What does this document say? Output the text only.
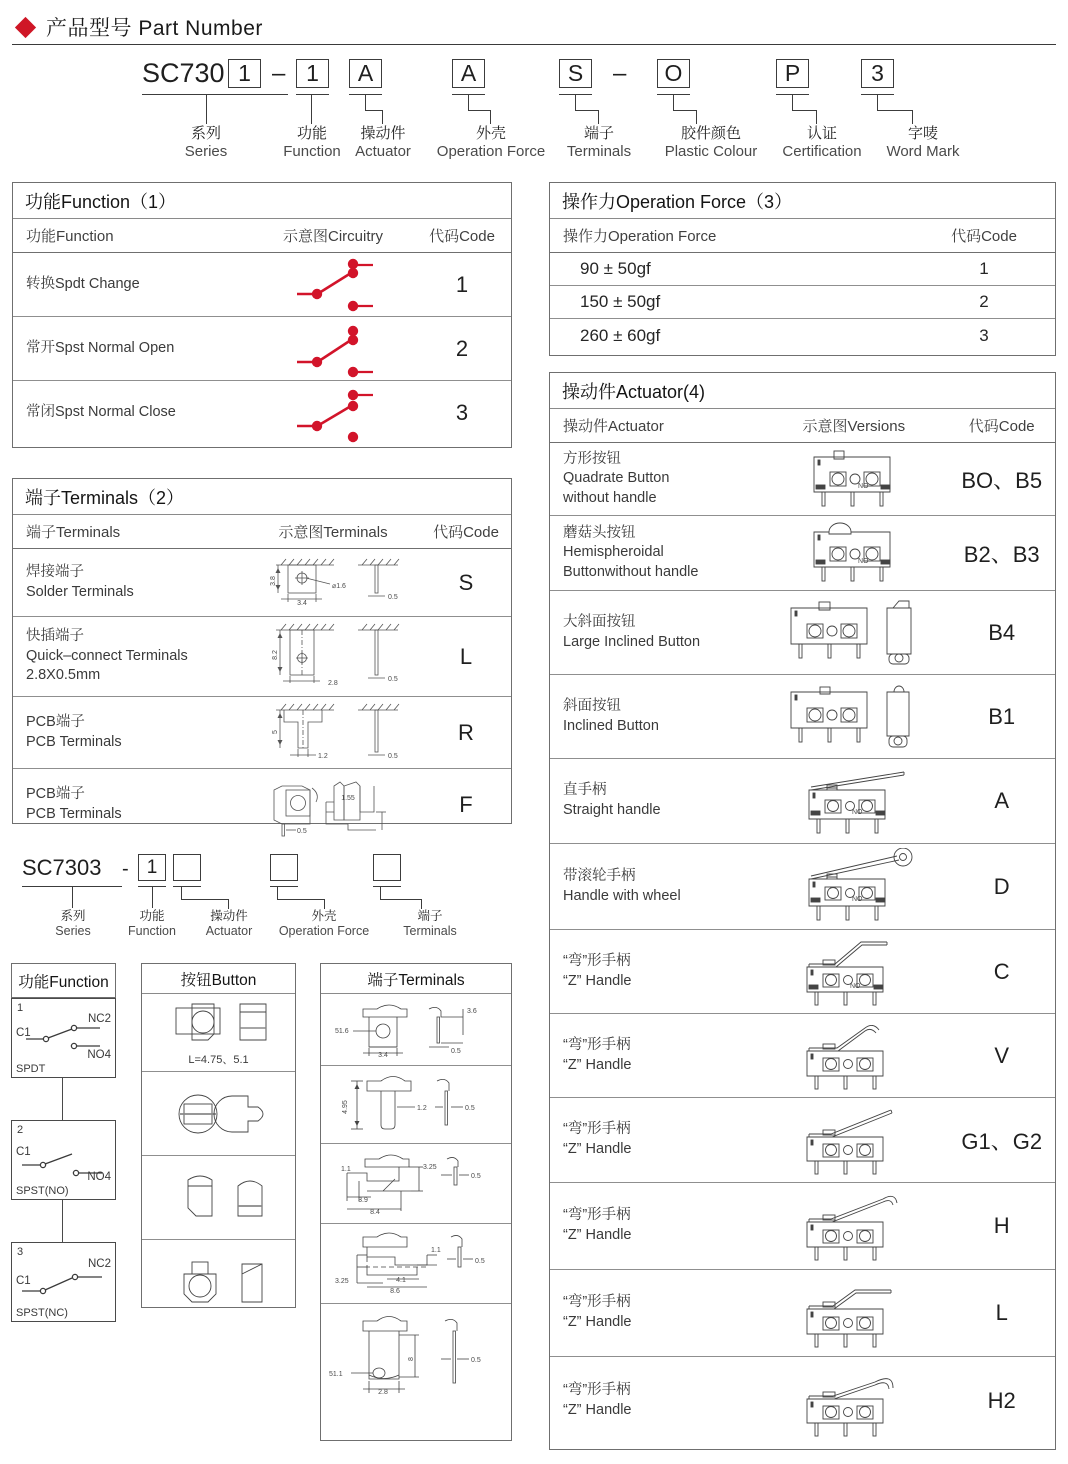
产品型号 Part Number
SC730 1 – 1	A	A	S	–	O	P	3
系列
Series
功能
Function
操动件
Actuator
外壳
Operation Force
端子
Terminals
胶件颜色
Plastic Colour
认证
Certification
字唛
Word Mark
功能Function（1）
功能Function	示意图Circuitry	代码Code
转换Spdt Change	1
常开Spst Normal Open	2
常闭Spst Normal Close	3
端子Terminals（2）
端子Terminals	示意图Terminals	代码Code
焊接端子
Solder Terminals
3.8
3.4
⌀1.6
0.5
S
快插端子
Quick–connect Terminals
2.8X0.5mm
8.2
2.8
0.5
L
PCB端子
PCB Terminals
5
1.2	0.5
R
PCB端子
PCB Terminals
0.5
1.55	F
操作力Operation Force（3）
操作力Operation Force	代码Code
90 ± 50gf	1
150 ± 50gf	2
260 ± 60gf	3
操动件Actuator(4)
操动件Actuator	示意图Versions	代码Code
方形按钮
Quadrate Button
without handle
NO	BO、B5
蘑菇头按钮
Hemispheroidal
Buttonwithout handle
NO	B2、B3
大斜面按钮
Large Inclined Button	B4
斜面按钮
Inclined Button	B1
直手柄
Straight handle	NO	A
带滚轮手柄
Handle with wheel	NO
D
“弯”形手柄
“Z” Handle	NO
C
“弯”形手柄
“Z” Handle	V
“弯”形手柄
“Z” Handle	G1、G2
“弯”形手柄
“Z” Handle	H
“弯”形手柄
“Z” Handle	L
“弯”形手柄
“Z” Handle	H2
SC7303 - 1
系列
Series
功能
Function
操动件
Actuator
外壳
Operation Force
端子
Terminals
功能Function
1
SPDT
C1
NC2
NO4
2
SPST(NO)
C1
NO4
3
SPST(NC)
C1
NC2
按钮Button
L=4.75、5.1
端子Terminals
51.6
3.4
3.6
0.5
4.95	1.2	0.5
1.1	3.25
3.9
8.4
0.5
1.1
3.25	4.1
8.6
0.5
51.1
8
2.8
0.5
